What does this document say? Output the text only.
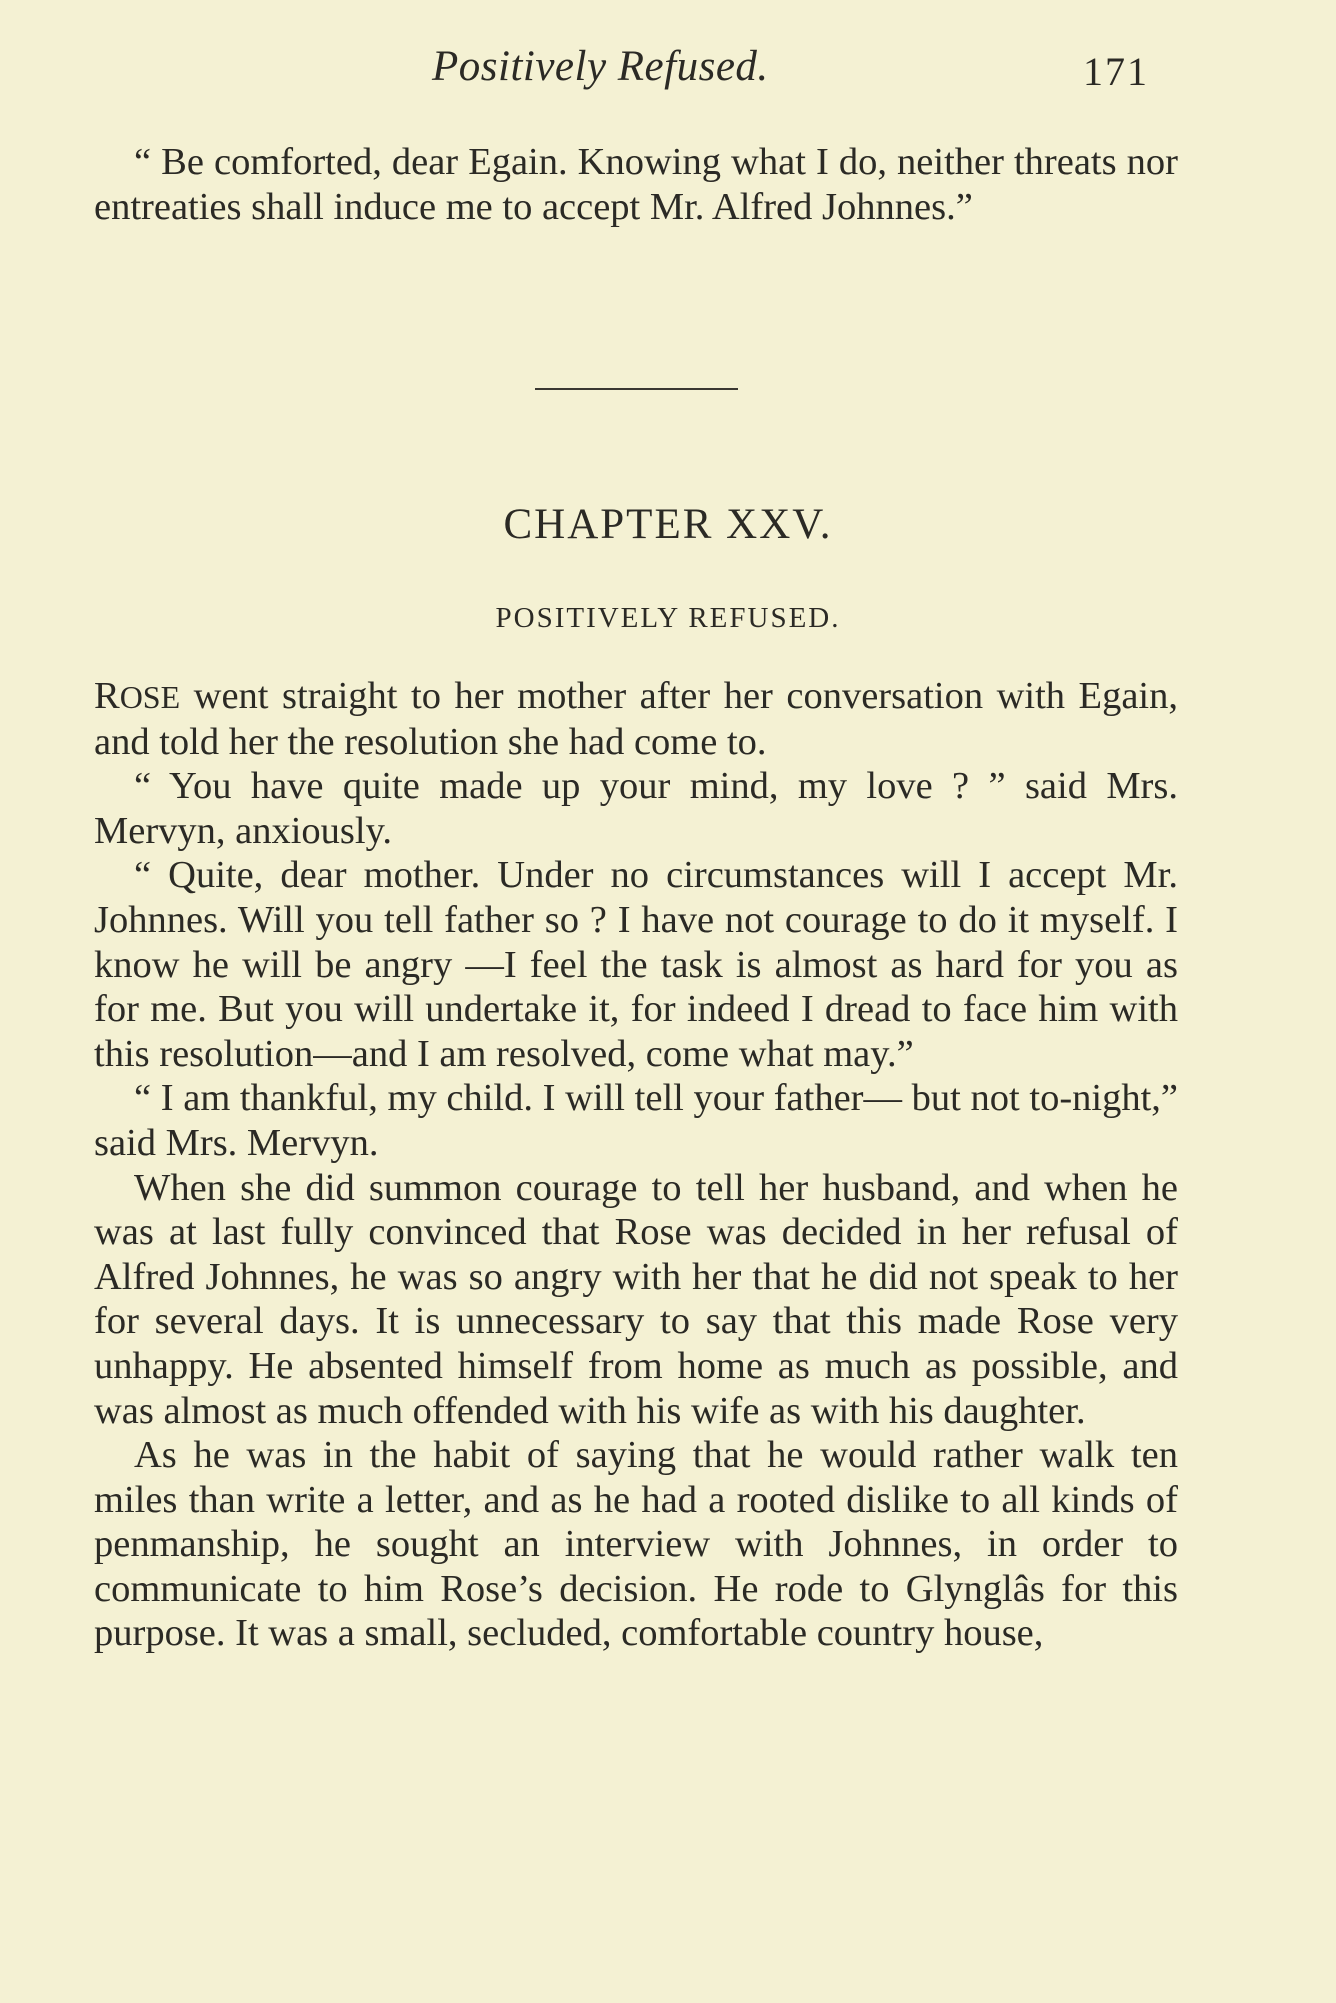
Positively Refused.	171

“ Be comforted, dear Egain. Knowing what I do, neither threats nor entreaties shall induce me to accept Mr. Alfred Johnnes.”

CHAPTER XXV.
POSITIVELY REFUSED.

ROSE went straight to her mother after her conversation with Egain, and told her the resolution she had come to.

“ You have quite made up your mind, my love ? ” said Mrs. Mervyn, anxiously.

“ Quite, dear mother. Under no circumstances will I accept Mr. Johnnes. Will you tell father so ? I have not courage to do it myself. I know he will be angry —I feel the task is almost as hard for you as for me. But you will undertake it, for indeed I dread to face him with this resolution—and I am resolved, come what may.”

“ I am thankful, my child. I will tell your father— but not to-night,” said Mrs. Mervyn.

When she did summon courage to tell her husband, and when he was at last fully convinced that Rose was decided in her refusal of Alfred Johnnes, he was so angry with her that he did not speak to her for several days. It is unnecessary to say that this made Rose very unhappy. He absented himself from home as much as possible, and was almost as much offended with his wife as with his daughter.

As he was in the habit of saying that he would rather walk ten miles than write a letter, and as he had a rooted dislike to all kinds of penmanship, he sought an interview with Johnnes, in order to communicate to him Rose’s decision. He rode to Glynglâs for this purpose. It was a small, secluded, comfortable country house,
